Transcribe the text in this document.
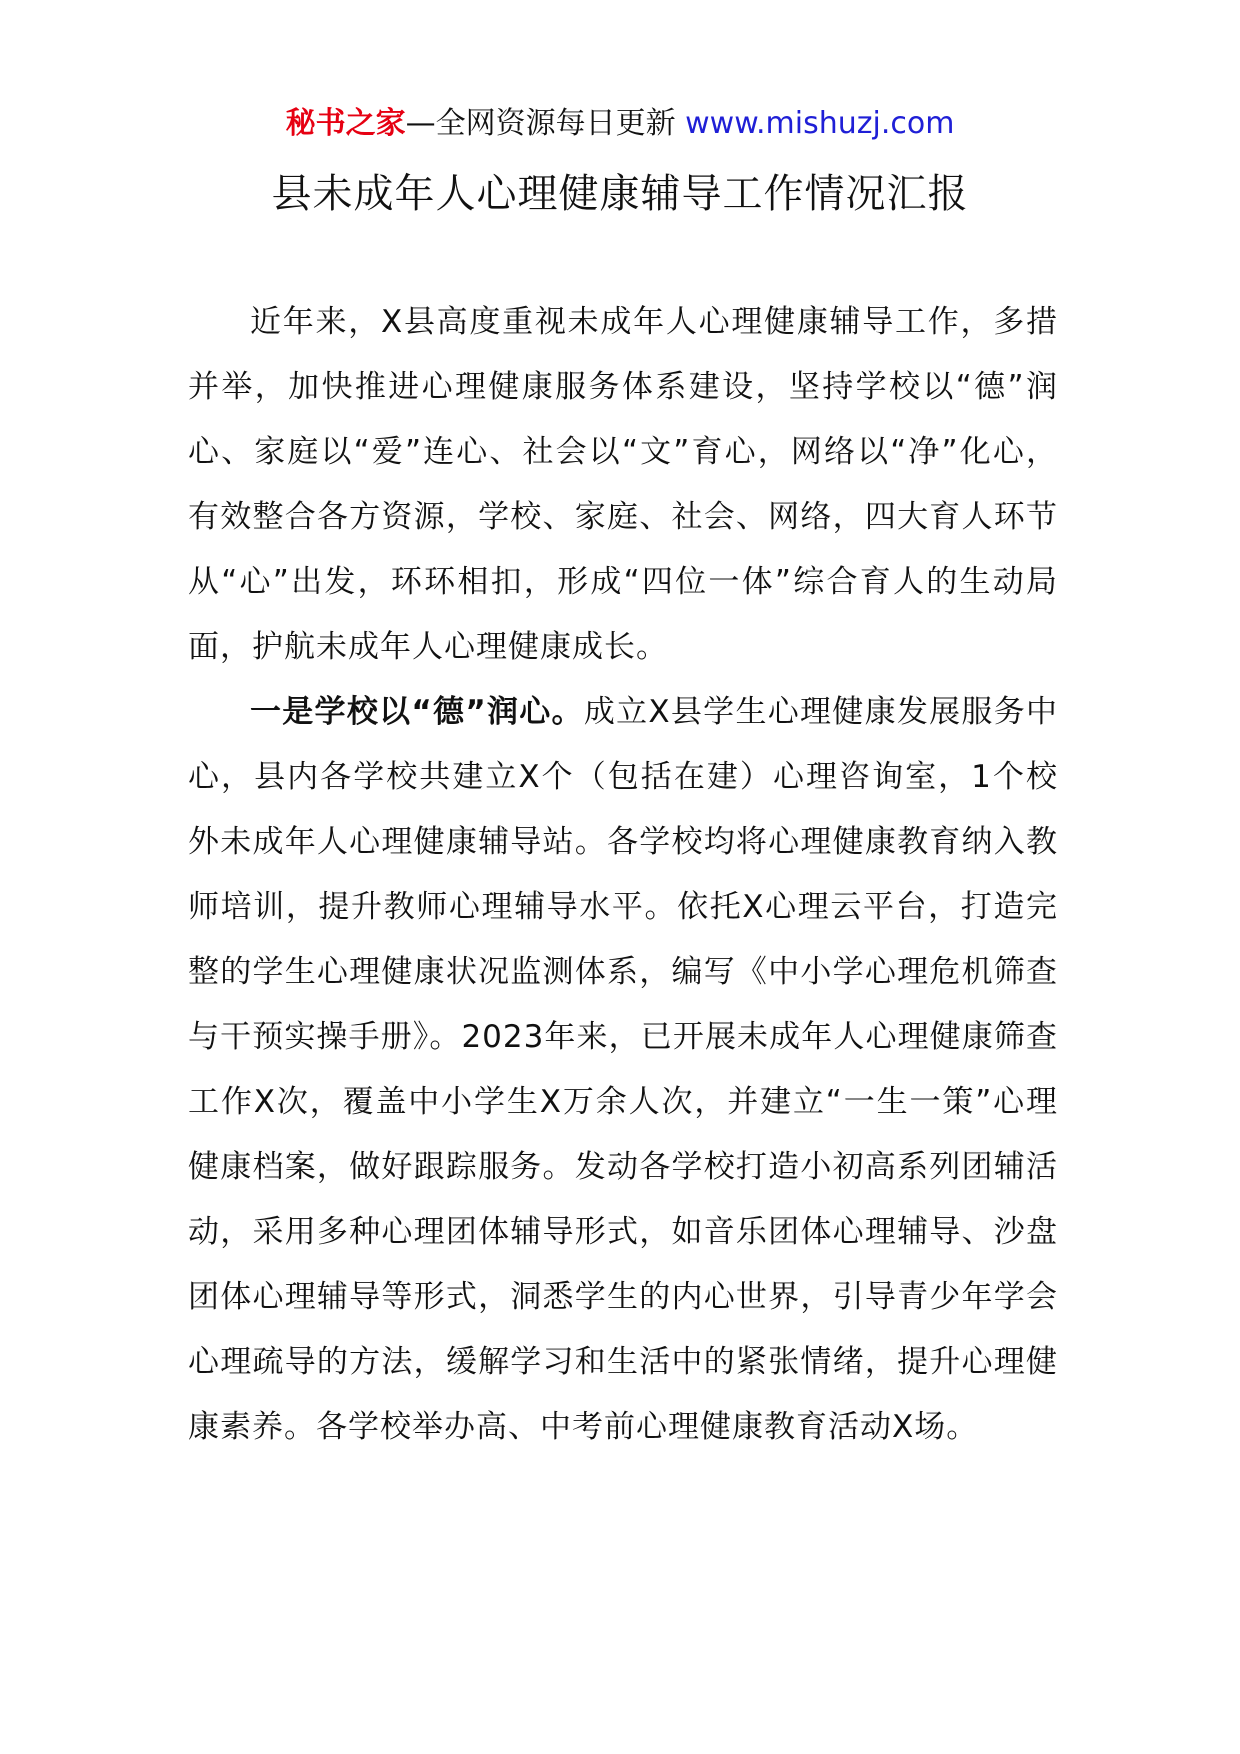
秘书之家—全网资源每日更新 www.mishuzj.com
县未成年人心理健康辅导工作情况汇报

近年来，X县高度重视未成年人心理健康辅导工作，多措并举，加快推进心理健康服务体系建设，坚持学校以“德”润心、家庭以“爱”连心、社会以“文”育心，网络以“净”化心，有效整合各方资源，学校、家庭、社会、网络，四大育人环节从“心”出发，环环相扣，形成“四位一体”综合育人的生动局面，护航未成年人心理健康成长。

一是学校以“德”润心。成立X县学生心理健康发展服务中心，县内各学校共建立X个（包括在建）心理咨询室，1个校外未成年人心理健康辅导站。各学校均将心理健康教育纳入教师培训，提升教师心理辅导水平。依托X心理云平台，打造完整的学生心理健康状况监测体系，编写《中小学心理危机筛查与干预实操手册》。2023年来，已开展未成年人心理健康筛查工作X次，覆盖中小学生X万余人次，并建立“一生一策”心理健康档案，做好跟踪服务。发动各学校打造小初高系列团辅活动，采用多种心理团体辅导形式，如音乐团体心理辅导、沙盘团体心理辅导等形式，洞悉学生的内心世界，引导青少年学会心理疏导的方法，缓解学习和生活中的紧张情绪，提升心理健康素养。各学校举办高、中考前心理健康教育活动X场。
